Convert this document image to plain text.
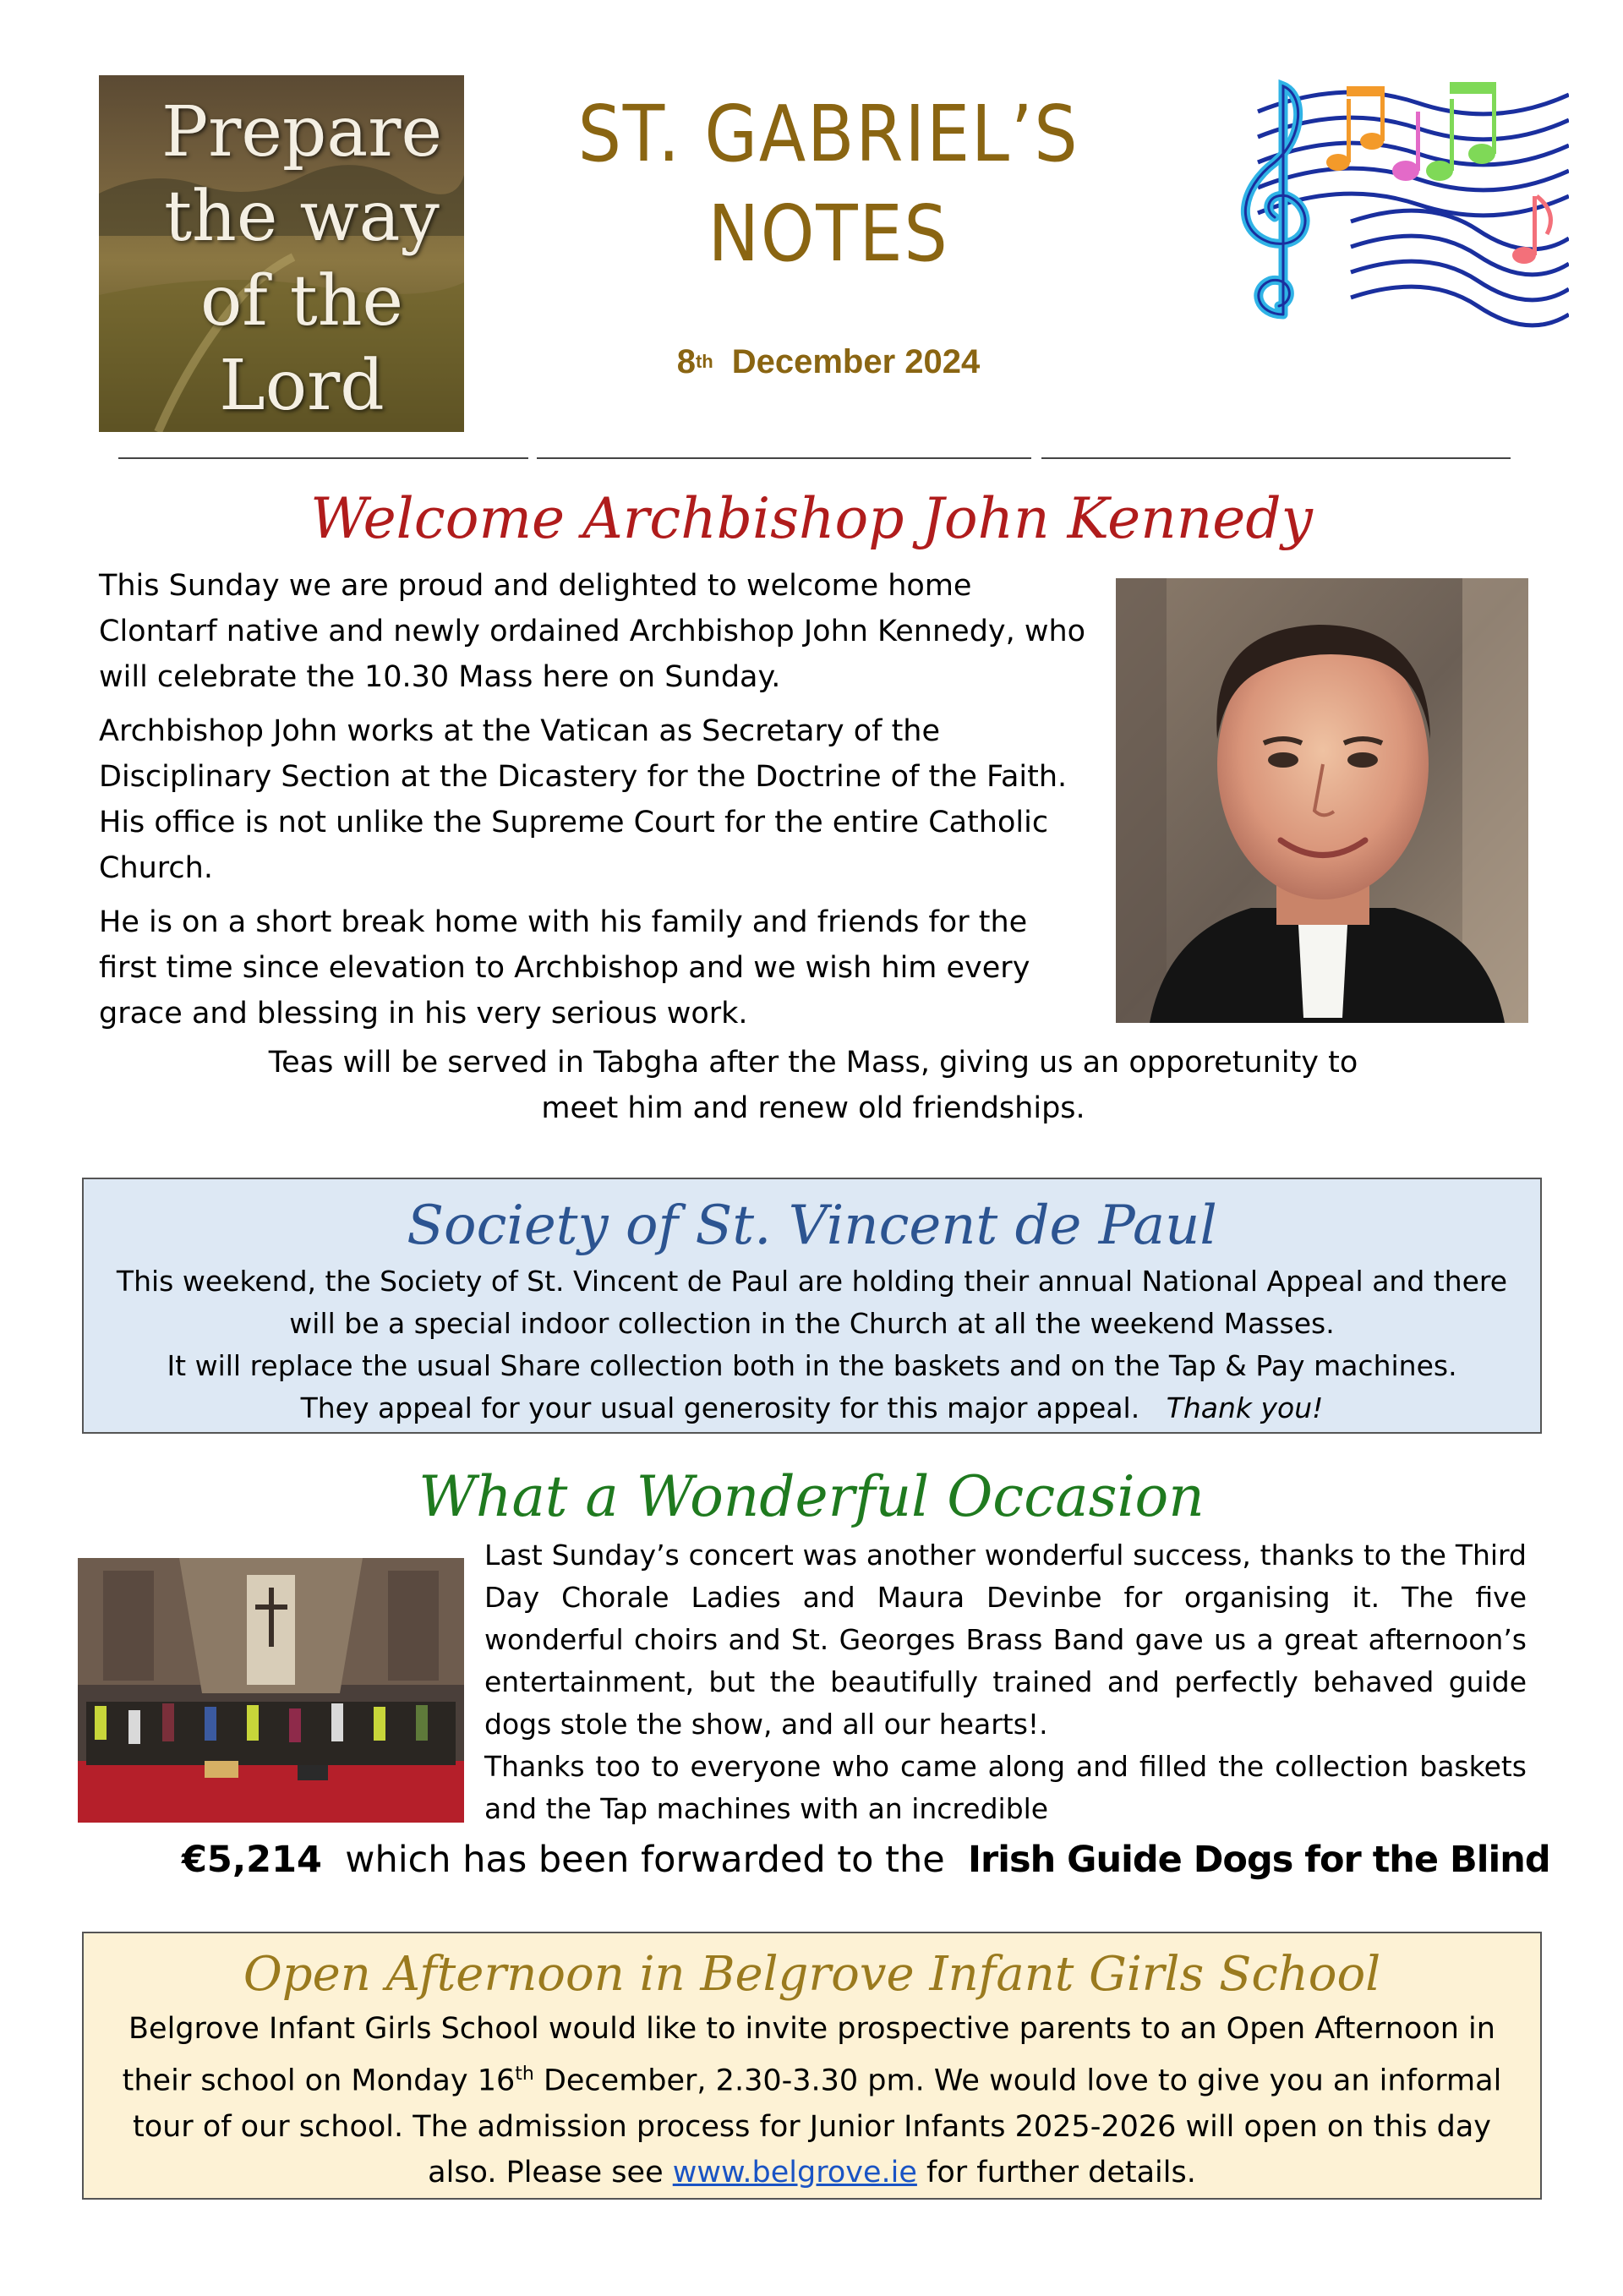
Prepare
the way
of the
Lord
ST. GABRIEL’S
NOTES
8th December 2024
Welcome Archbishop John Kennedy

This Sunday we are proud and delighted to welcome home Clontarf native and newly ordained Archbishop John Kennedy, who will celebrate the 10.30 Mass here on Sunday.

Archbishop John works at the Vatican as Secretary of the Disciplinary Section at the Dicastery for the Doctrine of the Faith. His office is not unlike the Supreme Court for the entire Catholic Church.

He is on a short break home with his family and friends for the first time since elevation to Archbishop and we wish him every grace and blessing in his very serious work.

Teas will be served in Tabgha after the Mass, giving us an opporetunity to
meet him and renew old friendships.
Society of St. Vincent de Paul
This weekend, the Society of St. Vincent de Paul are holding their annual National Appeal and there
will be a special indoor collection in the Church at all the weekend Masses.
It will replace the usual Share collection both in the baskets and on the Tap & Pay machines.
They appeal for your usual generosity for this major appeal. Thank you!
What a Wonderful Occasion
Last Sunday’s concert was another wonderful success, thanks to the Third Day Chorale Ladies and Maura Devinbe for organising it. The five wonderful choirs and St. Georges Brass Band gave us a great afternoon’s entertainment, but the beautifully trained and perfectly behaved guide dogs stole the show, and all our hearts!.
Thanks too to everyone who came along and filled the collection baskets and the Tap machines with an incredible
€5,214 which has been forwarded to the Irish Guide Dogs for the Blind
Open Afternoon in Belgrove Infant Girls School
Belgrove Infant Girls School would like to invite prospective parents to an Open Afternoon in
their school on Monday 16th December, 2.30-3.30 pm. We would love to give you an informal
tour of our school. The admission process for Junior Infants 2025-2026 will open on this day
also. Please see www.belgrove.ie for further details.
